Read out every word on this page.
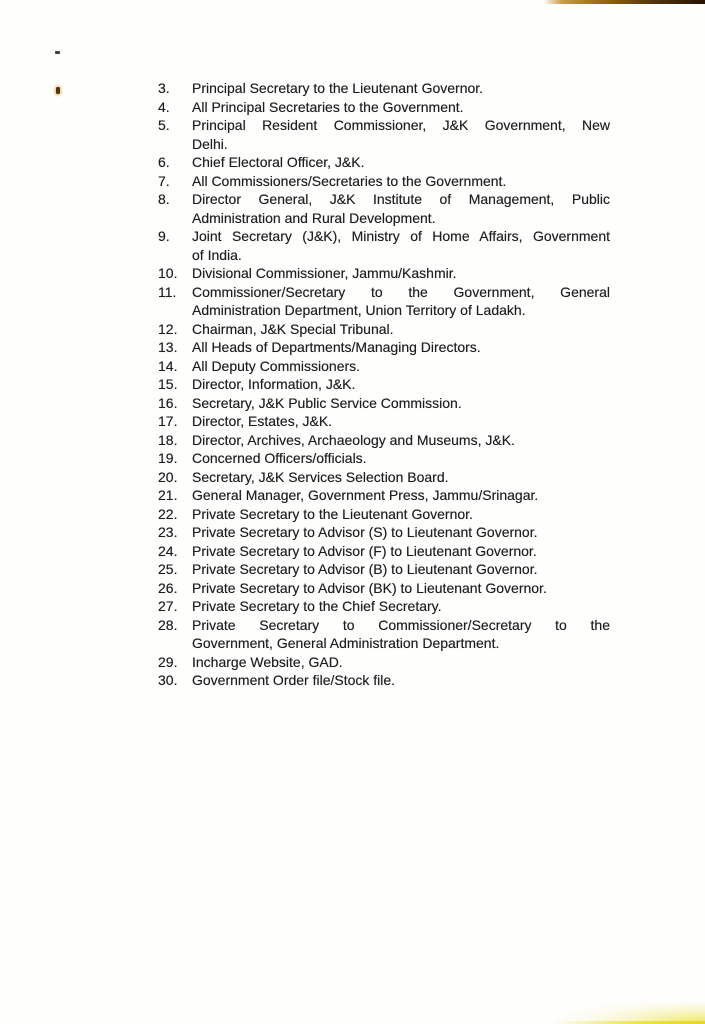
3.	Principal Secretary to the Lieutenant Governor.
4.	All Principal Secretaries to the Government.
5.	Principal Resident Commissioner, J&K Government, New
Delhi.
6.	Chief Electoral Officer, J&K.
7.	All Commissioners/Secretaries to the Government.
8.	Director General, J&K Institute of Management, Public
Administration and Rural Development.
9.	Joint Secretary (J&K), Ministry of Home Affairs, Government
of India.
10.	Divisional Commissioner, Jammu/Kashmir.
11.	Commissioner/Secretary to the Government, General
Administration Department, Union Territory of Ladakh.
12.	Chairman, J&K Special Tribunal.
13.	All Heads of Departments/Managing Directors.
14.	All Deputy Commissioners.
15.	Director, Information, J&K.
16.	Secretary, J&K Public Service Commission.
17.	Director, Estates, J&K.
18.	Director, Archives, Archaeology and Museums, J&K.
19.	Concerned Officers/officials.
20.	Secretary, J&K Services Selection Board.
21.	General Manager, Government Press, Jammu/Srinagar.
22.	Private Secretary to the Lieutenant Governor.
23.	Private Secretary to Advisor (S) to Lieutenant Governor.
24.	Private Secretary to Advisor (F) to Lieutenant Governor.
25.	Private Secretary to Advisor (B) to Lieutenant Governor.
26.	Private Secretary to Advisor (BK) to Lieutenant Governor.
27.	Private Secretary to the Chief Secretary.
28.	Private Secretary to Commissioner/Secretary to the
Government, General Administration Department.
29.	Incharge Website, GAD.
30.	Government Order file/Stock file.
